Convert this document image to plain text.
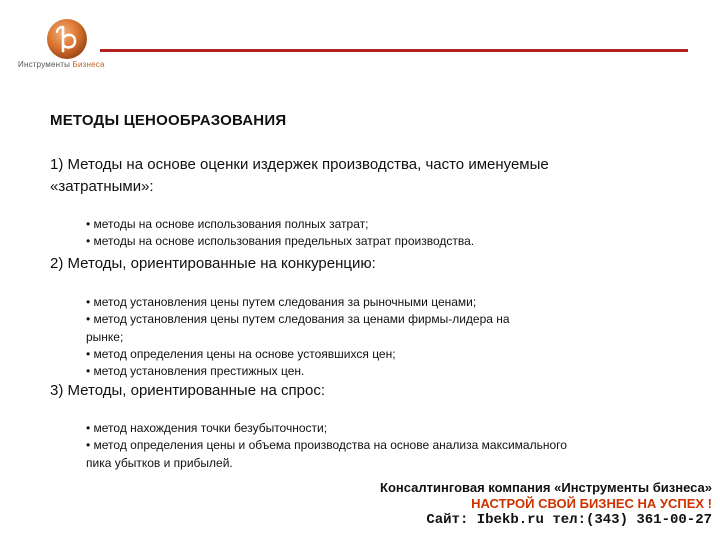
Инструменты Бизнеса
МЕТОДЫ ЦЕНООБРАЗОВАНИЯ
1) Методы на основе оценки издержек производства, часто именуемые
«затратными»:
• методы на основе использования полных затрат;
• методы на основе использования предельных затрат производства.
2) Методы, ориентированные на конкуренцию:
• метод установления цены путем следования за рыночными ценами;
• метод установления цены путем следования за ценами фирмы-лидера на
рынке;
• метод определения цены на основе устоявшихся цен;
• метод установления престижных цен.
3) Методы, ориентированные на спрос:
• метод нахождения точки безубыточности;
• метод определения цены и объема производства на основе анализа максимального
пика убытков и прибылей.
Консалтинговая компания «Инструменты бизнеса»
НАСТРОЙ СВОЙ БИЗНЕС НА УСПЕХ !
Сайт: Ibekb.ru тел:(343) 361-00-27
